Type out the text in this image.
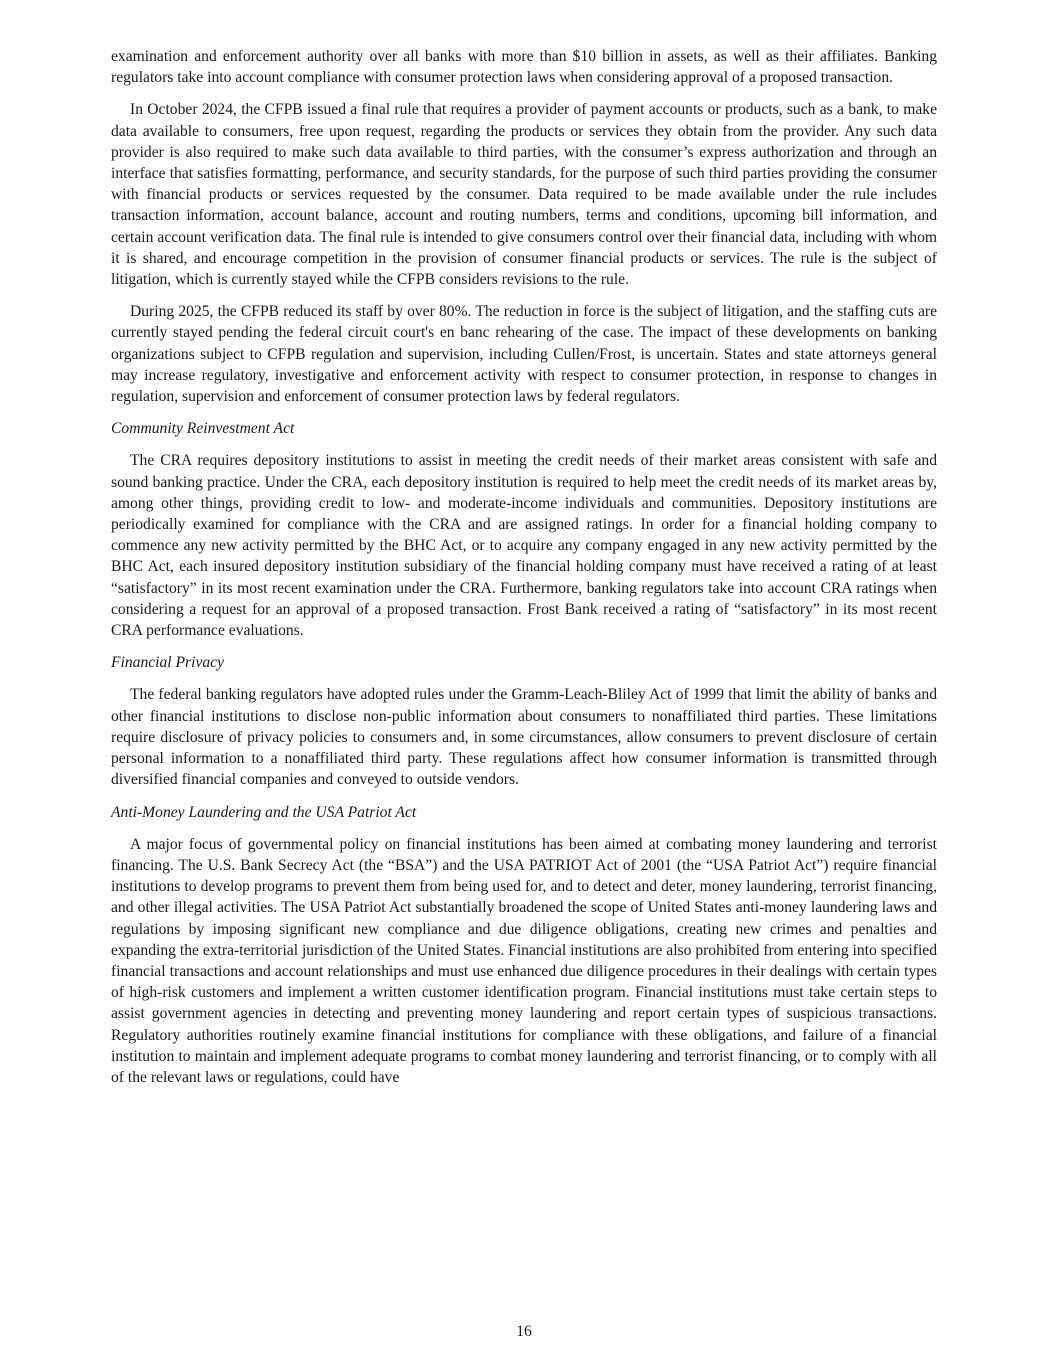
examination and enforcement authority over all banks with more than $10 billion in assets, as well as their affiliates. Banking regulators take into account compliance with consumer protection laws when considering approval of a proposed transaction.

In October 2024, the CFPB issued a final rule that requires a provider of payment accounts or products, such as a bank, to make data available to consumers, free upon request, regarding the products or services they obtain from the provider. Any such data provider is also required to make such data available to third parties, with the consumer’s express authorization and through an interface that satisfies formatting, performance, and security standards, for the purpose of such third parties providing the consumer with financial products or services requested by the consumer. Data required to be made available under the rule includes transaction information, account balance, account and routing numbers, terms and conditions, upcoming bill information, and certain account verification data. The final rule is intended to give consumers control over their financial data, including with whom it is shared, and encourage competition in the provision of consumer financial products or services. The rule is the subject of litigation, which is currently stayed while the CFPB considers revisions to the rule.

During 2025, the CFPB reduced its staff by over 80%. The reduction in force is the subject of litigation, and the staffing cuts are currently stayed pending the federal circuit court's en banc rehearing of the case. The impact of these developments on banking organizations subject to CFPB regulation and supervision, including Cullen/Frost, is uncertain. States and state attorneys general may increase regulatory, investigative and enforcement activity with respect to consumer protection, in response to changes in regulation, supervision and enforcement of consumer protection laws by federal regulators.

Community Reinvestment Act

The CRA requires depository institutions to assist in meeting the credit needs of their market areas consistent with safe and sound banking practice. Under the CRA, each depository institution is required to help meet the credit needs of its market areas by, among other things, providing credit to low- and moderate-income individuals and communities. Depository institutions are periodically examined for compliance with the CRA and are assigned ratings. In order for a financial holding company to commence any new activity permitted by the BHC Act, or to acquire any company engaged in any new activity permitted by the BHC Act, each insured depository institution subsidiary of the financial holding company must have received a rating of at least “satisfactory” in its most recent examination under the CRA. Furthermore, banking regulators take into account CRA ratings when considering a request for an approval of a proposed transaction. Frost Bank received a rating of “satisfactory” in its most recent CRA performance evaluations.

Financial Privacy

The federal banking regulators have adopted rules under the Gramm-Leach-Bliley Act of 1999 that limit the ability of banks and other financial institutions to disclose non-public information about consumers to nonaffiliated third parties. These limitations require disclosure of privacy policies to consumers and, in some circumstances, allow consumers to prevent disclosure of certain personal information to a nonaffiliated third party. These regulations affect how consumer information is transmitted through diversified financial companies and conveyed to outside vendors.

Anti-Money Laundering and the USA Patriot Act

A major focus of governmental policy on financial institutions has been aimed at combating money laundering and terrorist financing. The U.S. Bank Secrecy Act (the “BSA”) and the USA PATRIOT Act of 2001 (the “USA Patriot Act”) require financial institutions to develop programs to prevent them from being used for, and to detect and deter, money laundering, terrorist financing, and other illegal activities. The USA Patriot Act substantially broadened the scope of United States anti-money laundering laws and regulations by imposing significant new compliance and due diligence obligations, creating new crimes and penalties and expanding the extra-territorial jurisdiction of the United States. Financial institutions are also prohibited from entering into specified financial transactions and account relationships and must use enhanced due diligence procedures in their dealings with certain types of high-risk customers and implement a written customer identification program. Financial institutions must take certain steps to assist government agencies in detecting and preventing money laundering and report certain types of suspicious transactions. Regulatory authorities routinely examine financial institutions for compliance with these obligations, and failure of a financial institution to maintain and implement adequate programs to combat money laundering and terrorist financing, or to comply with all of the relevant laws or regulations, could have

16
